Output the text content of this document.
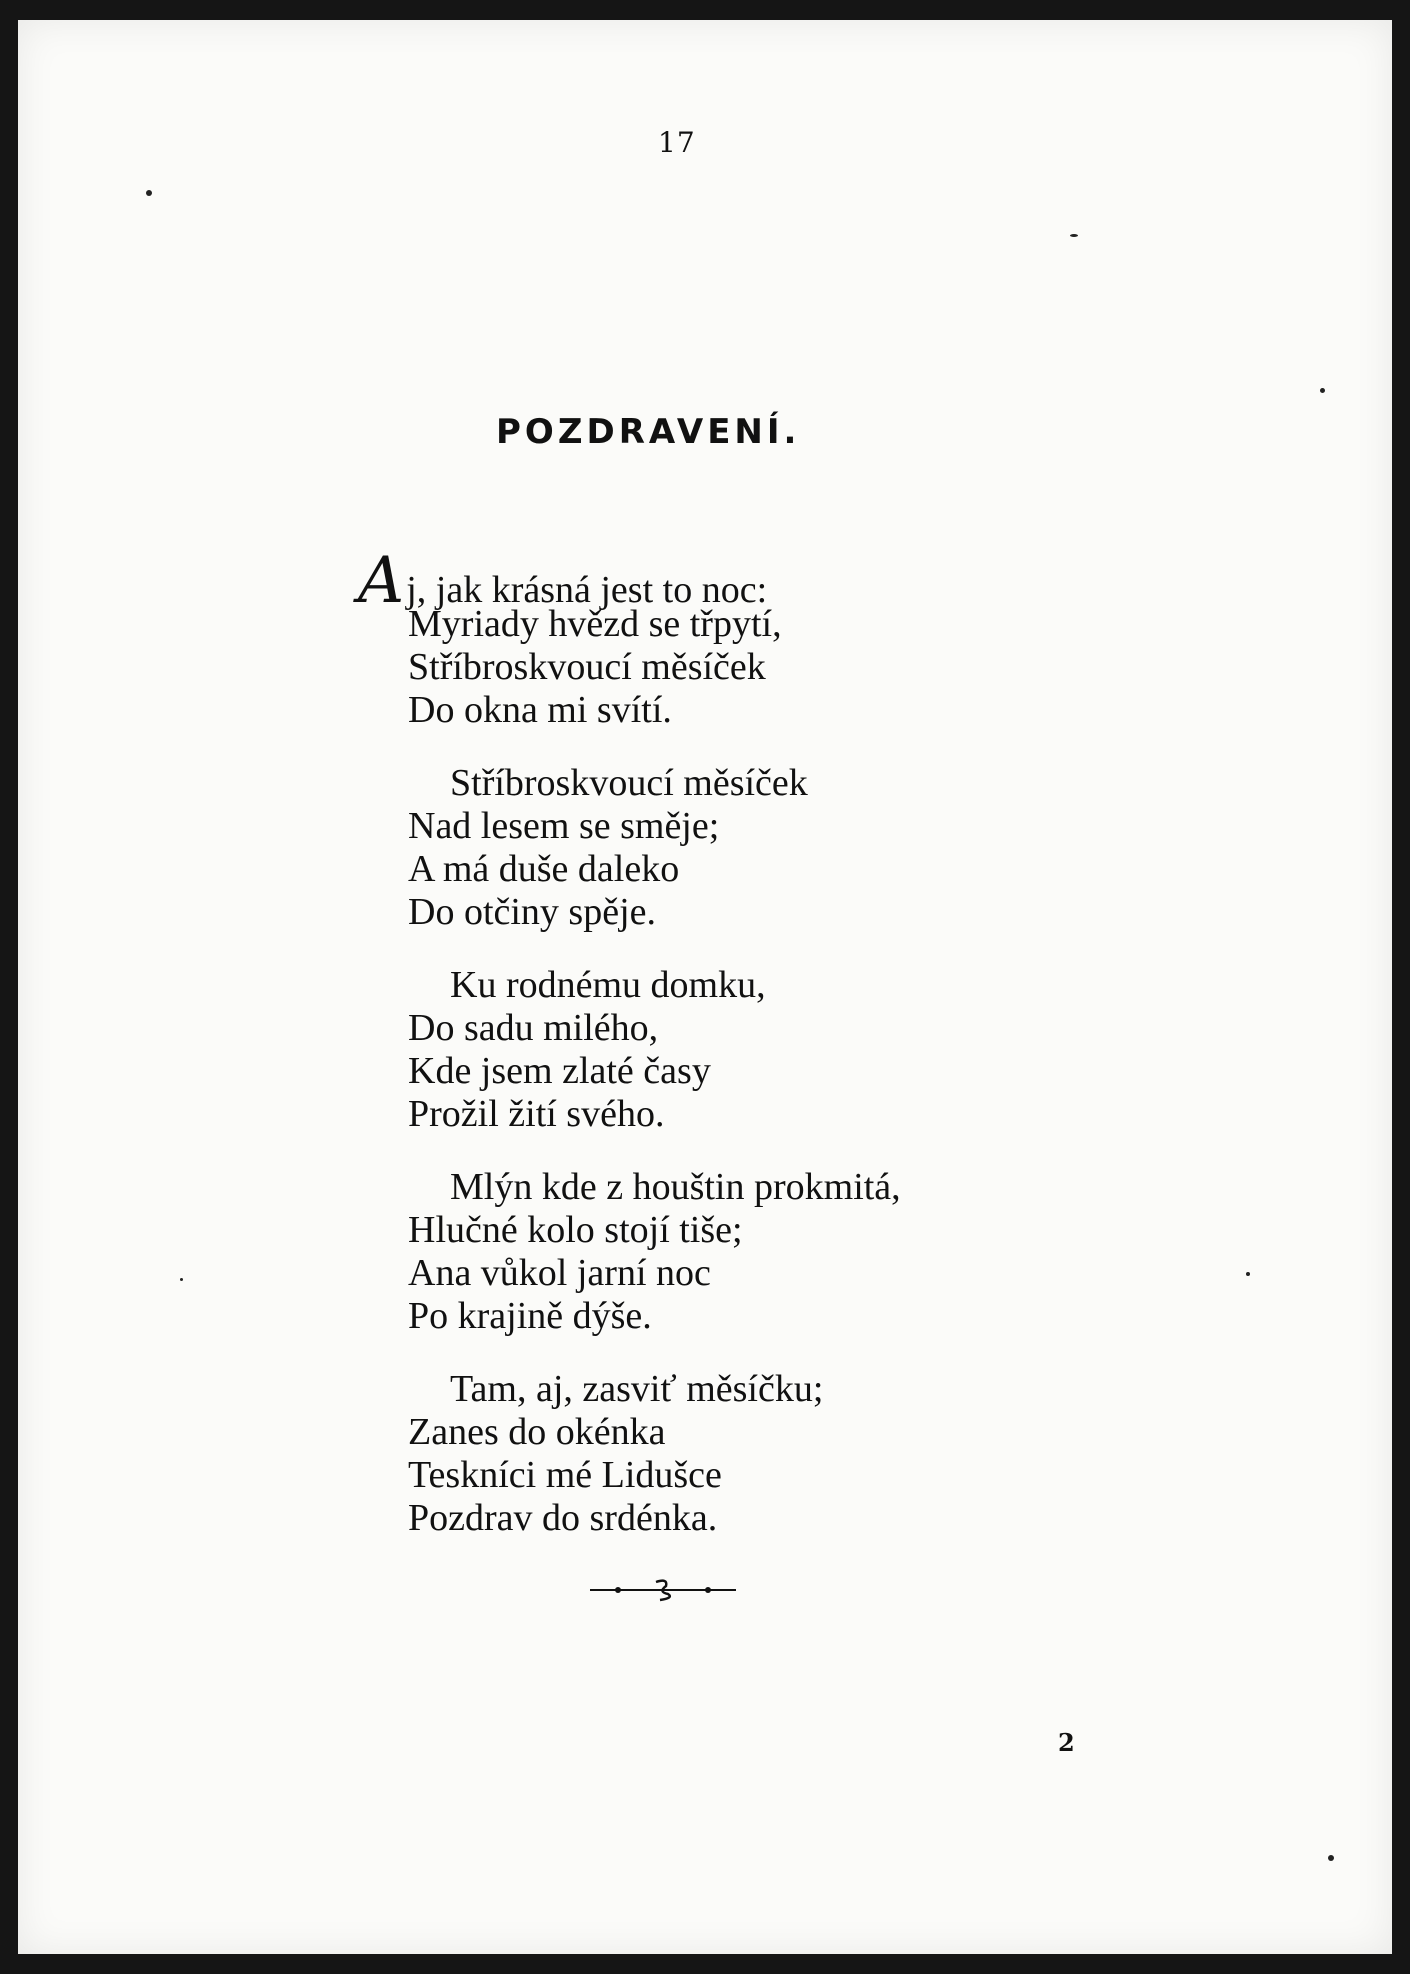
17
POZDRAVENÍ.
Aj, jak krásná jest to noc:
Myriady hvězd se třpytí,
Stříbroskvoucí měsíček
Do okna mi svítí.
Stříbroskvoucí měsíček
Nad lesem se směje;
A má duše daleko
Do otčiny spěje.
Ku rodnému domku,
Do sadu milého,
Kde jsem zlaté časy
Prožil žití svého.
Mlýn kde z houštin prokmitá,
Hlučné kolo stojí tiše;
Ana vůkol jarní noc
Po krajině dýše.
Tam, aj, zasviť měsíčku;
Zanes do okénka
Teskníci mé Lidušce
Pozdrav do srdénka.
2
